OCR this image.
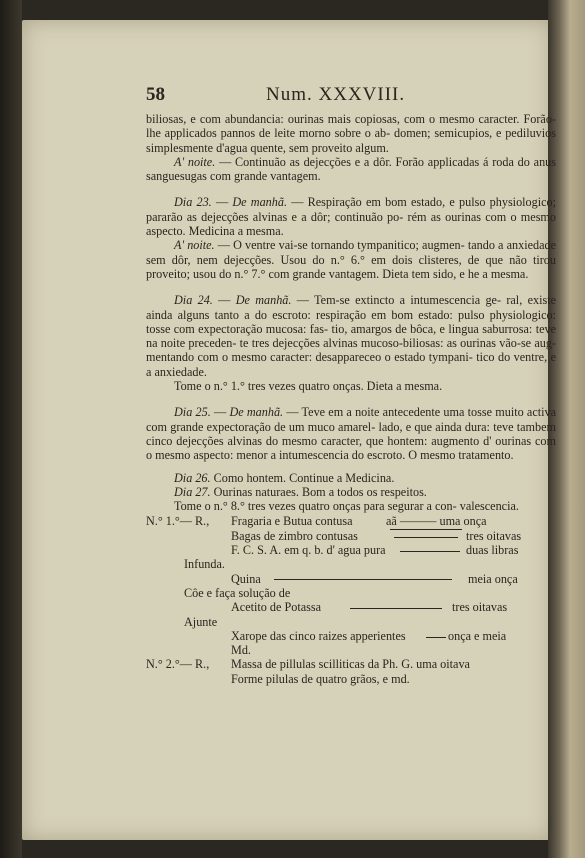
58	Num. XXXVIII.

biliosas, e com abundancia: ourinas mais copiosas, com o mesmo caracter. Forão-lhe applicados pannos de leite morno sobre o ab- domen; semicupios, e pediluvios simplesmente d'agua quente, sem proveito algum.

A' noite. — Continuão as dejecções e a dôr. Forão applicadas á roda do anus sanguesugas com grande vantagem.

Dia 23. — De manhã. — Respiração em bom estado, e pulso physiologico; pararão as dejecções alvinas e a dôr; continuão po- rém as ourinas com o mesmo aspecto. Medicina a mesma.

A' noite. — O ventre vai-se tornando tympanitico; augmen- tando a anxiedade sem dôr, nem dejecções. Usou do n.° 6.° em dois clisteres, de que não tirou proveito; usou do n.° 7.° com grande vantagem. Dieta tem sido, e he a mesma.

Dia 24. — De manhã. — Tem-se extincto a intumescencia ge- ral, existe ainda alguns tanto a do escroto: respiração em bom estado: pulso physiologico: tosse com expectoração mucosa: fas- tio, amargos de bôca, e lingua saburrosa: teve na noite preceden- te tres dejecções alvinas mucoso-biliosas: as ourinas vão-se aug- mentando com o mesmo caracter: desappareceo o estado tympani- tico do ventre, e a anxiedade.

Tome o n.° 1.° tres vezes quatro onças. Dieta a mesma.

Dia 25. — De manhã. — Teve em a noite antecedente uma tosse muito activa com grande expectoração de um muco amarel- lado, e que ainda dura: teve tambem cinco dejecções alvinas do mesmo caracter, que hontem: augmento d' ourinas com o mesmo aspecto: menor a intumescencia do escroto. O mesmo tratamento.

Dia 26. Como hontem. Continue a Medicina.

Dia 27. Ourinas naturaes. Bom a todos os respeitos.

Tome o n.° 8.° tres vezes quatro onças para segurar a con- valescencia.

N.° 1.°— R., Fragaria e Butua contusa	aã ——— uma onça
Bagas de zimbro contusas	tres oitavas
F. C. S. A. em q. b. d' agua pura	duas libras
Infunda.
Quina	meia onça
Côe e faça solução de
Acetito de Potassa	tres oitavas
Ajunte
Xarope das cinco raizes apperientes	onça e meia
Md.
N.° 2.°— R., Massa de pillulas scilliticas da Ph. G. uma oitava
Forme pilulas de quatro grãos, e md.
